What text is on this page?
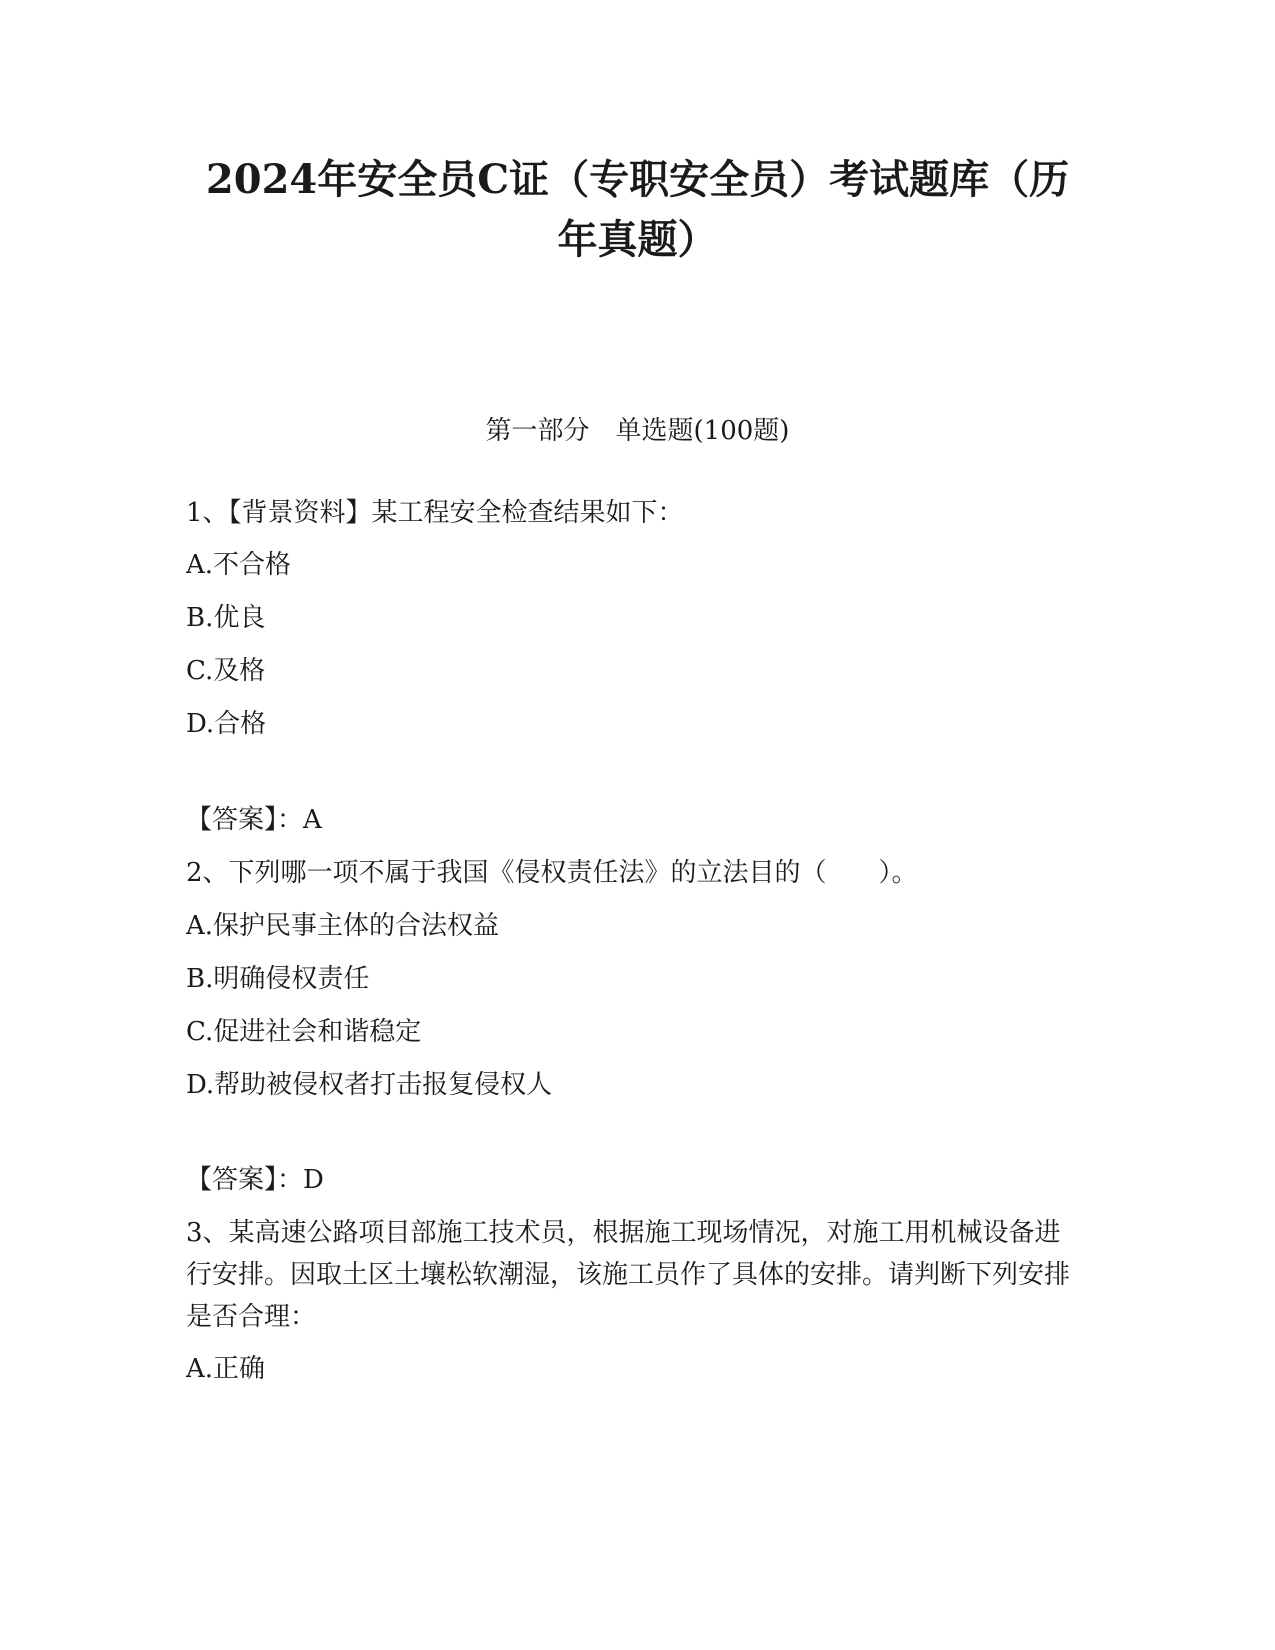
2024年安全员C证（专职安全员）考试题库（历
年真题）

第一部分　单选题(100题)

1、【背景资料】某工程安全检查结果如下：

A.不合格

B.优良

C.及格

D.合格

【答案】：A

2、下列哪一项不属于我国《侵权责任法》的立法目的（　　）。

A.保护民事主体的合法权益

B.明确侵权责任

C.促进社会和谐稳定

D.帮助被侵权者打击报复侵权人

【答案】：D

3、某高速公路项目部施工技术员，根据施工现场情况，对施工用机械设备进行安排。因取土区土壤松软潮湿，该施工员作了具体的安排。请判断下列安排是否合理：

A.正确
